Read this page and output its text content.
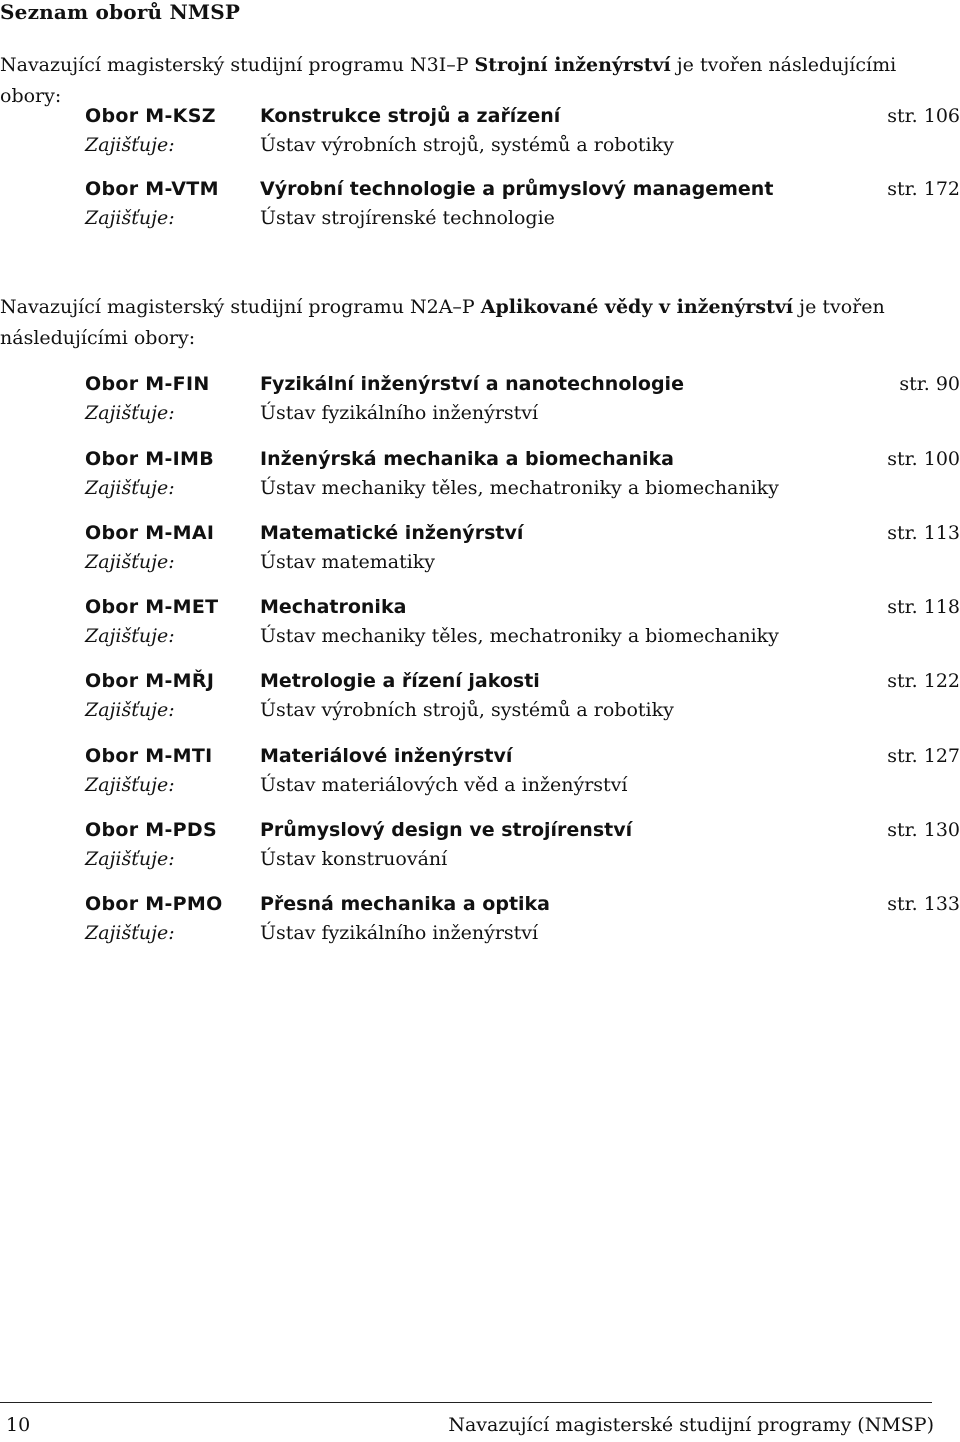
Seznam oborů NMSP
Navazující magisterský studijní programu N3I–P Strojní inženýrství je tvořen následujícími obory:
Obor M-KSZ Konstrukce strojů a zařízení	str. 106
Zajišťuje:	Ústav výrobních strojů, systémů a robotiky
Obor M-VTM Výrobní technologie a průmyslový management	str. 172
Zajišťuje:	Ústav strojírenské technologie
Navazující magisterský studijní programu N2A–P Aplikované vědy v inženýrství je tvořen následujícími obory:
Obor M-FIN	Fyzikální inženýrství a nanotechnologie	str. 90
Zajišťuje:	Ústav fyzikálního inženýrství
Obor M-IMB Inženýrská mechanika a biomechanika	str. 100
Zajišťuje:	Ústav mechaniky těles, mechatroniky a biomechaniky
Obor M-MAI Matematické inženýrství	str. 113
Zajišťuje:	Ústav matematiky
Obor M-MET Mechatronika	str. 118
Zajišťuje:	Ústav mechaniky těles, mechatroniky a biomechaniky
Obor M-MŘJ Metrologie a řízení jakosti	str. 122
Zajišťuje:	Ústav výrobních strojů, systémů a robotiky
Obor M-MTI Materiálové inženýrství	str. 127
Zajišťuje:	Ústav materiálových věd a inženýrství
Obor M-PDS Průmyslový design ve strojírenství	str. 130
Zajišťuje:	Ústav konstruování
Obor M-PMO Přesná mechanika a optika	str. 133
Zajišťuje:	Ústav fyzikálního inženýrství
10	Navazující magisterské studijní programy (NMSP)
